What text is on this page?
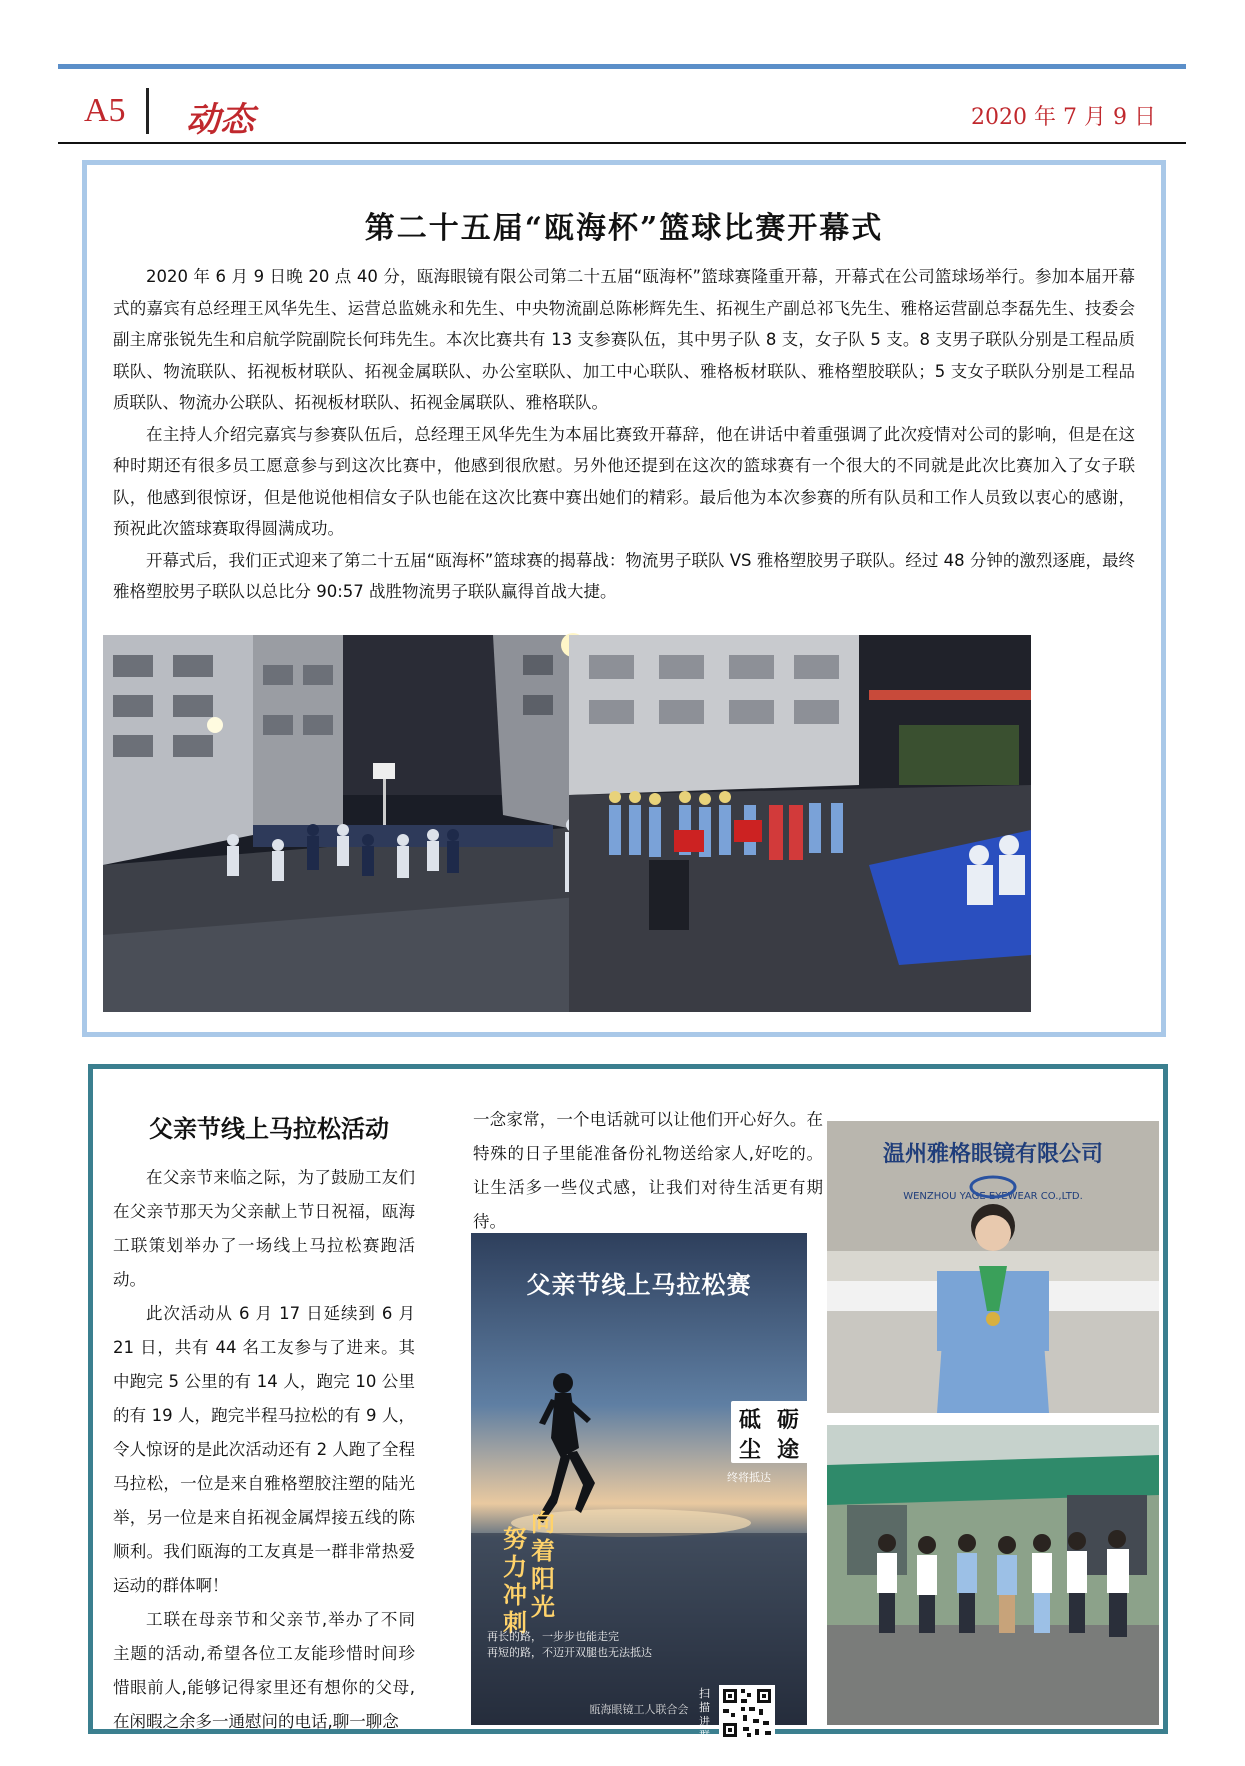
A5 动态	2020 年 7 月 9 日
第二十五届“瓯海杯”篮球比赛开幕式

2020 年 6 月 9 日晚 20 点 40 分，瓯海眼镜有限公司第二十五届“瓯海杯”篮球赛隆重开幕，开幕式在公司篮球场举行。参加本届开幕式的嘉宾有总经理王风华先生、运营总监姚永和先生、中央物流副总陈彬辉先生、拓视生产副总祁飞先生、雅格运营副总李磊先生、技委会副主席张锐先生和启航学院副院长何玮先生。本次比赛共有 13 支参赛队伍，其中男子队 8 支，女子队 5 支。8 支男子联队分别是工程品质联队、物流联队、拓视板材联队、拓视金属联队、办公室联队、加工中心联队、雅格板材联队、雅格塑胶联队；5 支女子联队分别是工程品质联队、物流办公联队、拓视板材联队、拓视金属联队、雅格联队。

在主持人介绍完嘉宾与参赛队伍后，总经理王风华先生为本届比赛致开幕辞，他在讲话中着重强调了此次疫情对公司的影响，但是在这种时期还有很多员工愿意参与到这次比赛中，他感到很欣慰。另外他还提到在这次的篮球赛有一个很大的不同就是此次比赛加入了女子联队，他感到很惊讶，但是他说他相信女子队也能在这次比赛中赛出她们的精彩。最后他为本次参赛的所有队员和工作人员致以衷心的感谢，预祝此次篮球赛取得圆满成功。

开幕式后，我们正式迎来了第二十五届“瓯海杯”篮球赛的揭幕战：物流男子联队 VS 雅格塑胶男子联队。经过 48 分钟的激烈逐鹿，最终雅格塑胶男子联队以总比分 90:57 战胜物流男子联队赢得首战大捷。

父亲节线上马拉松活动

在父亲节来临之际，为了鼓励工友们在父亲节那天为父亲献上节日祝福，瓯海工联策划举办了一场线上马拉松赛跑活动。

此次活动从 6 月 17 日延续到 6 月 21 日，共有 44 名工友参与了进来。其中跑完 5 公里的有 14 人，跑完 10 公里的有 19 人，跑完半程马拉松的有 9 人，令人惊讶的是此次活动还有 2 人跑了全程马拉松，一位是来自雅格塑胶注塑的陆光举，另一位是来自拓视金属焊接五线的陈顺利。我们瓯海的工友真是一群非常热爱运动的群体啊！

工联在母亲节和父亲节,举办了不同主题的活动,希望各位工友能珍惜时间珍惜眼前人,能够记得家里还有想你的父母,在闲暇之余多一通慰问的电话,聊一聊念

一念家常，一个电话就可以让他们开心好久。在特殊的日子里能准备份礼物送给家人,好吃的。让生活多一些仪式感，让我们对待生活更有期待。
父亲节线上马拉松赛
砥 砺
尘 途
终将抵达
向
着
阳
光
努
力
冲
刺
再长的路，一步步也能走完
再短的路，不迈开双腿也无法抵达
扫描进群
瓯海眼镜工人联合会
温州雅格眼镜有限公司
WENZHOU YAGE EYEWEAR CO.,LTD.
